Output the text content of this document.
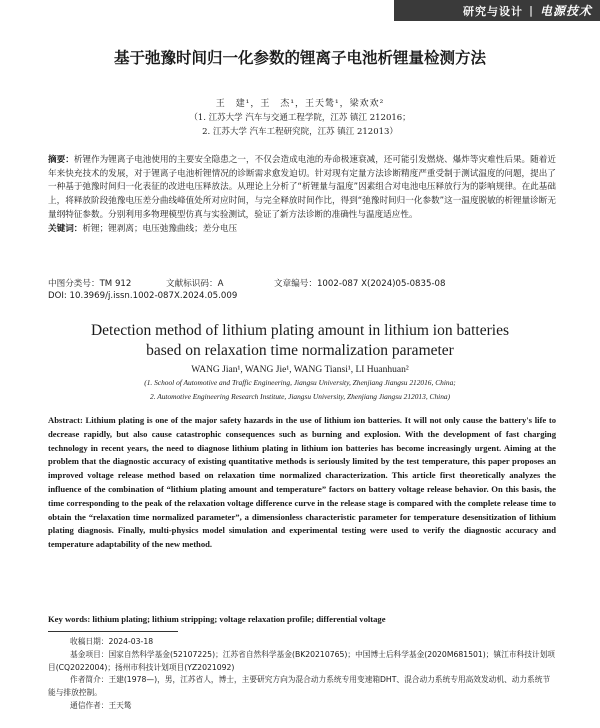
研究与设计 | 电源技术
基于弛豫时间归一化参数的锂离子电池析锂量检测方法
王　建¹，王　杰¹，王天鸶¹，梁欢欢²
（1. 江苏大学 汽车与交通工程学院，江苏 镇江 212016；
2. 江苏大学 汽车工程研究院，江苏 镇江 212013）

摘要：析锂作为锂离子电池使用的主要安全隐患之一，不仅会造成电池的寿命极速衰减，还可能引发燃烧、爆炸等灾难性后果。随着近年来快充技术的发展，对于锂离子电池析锂情况的诊断需求愈发迫切。针对现有定量方法诊断精度严重受制于测试温度的问题，提出了一种基于弛豫时间归一化表征的改进电压释放法。从理论上分析了“析锂量与温度”因素组合对电池电压释放行为的影响规律。在此基础上，将释放阶段弛豫电压差分曲线峰值处所对应时间，与完全释放时间作比，得到“弛豫时间归一化参数”这一温度脱敏的析锂量诊断无量纲特征参数。分别利用多物理模型仿真与实验测试，验证了新方法诊断的准确性与温度适应性。

关键词：析锂；锂剥离；电压弛豫曲线；差分电压

中图分类号：TM 912	文献标识码：A	文章编号：1002-087 X(2024)05-0835-08
DOI: 10.3969/j.issn.1002-087X.2024.05.009
Detection method of lithium plating amount in lithium ion batteries
based on relaxation time normalization parameter
WANG Jian¹, WANG Jie¹, WANG Tiansi¹, LI Huanhuan²
(1. School of Automotive and Traffic Engineering, Jiangsu University, Zhenjiang Jiangsu 212016, China;
2. Automotive Engineering Research Institute, Jiangsu University, Zhenjiang Jiangsu 212013, China)

Abstract: Lithium plating is one of the major safety hazards in the use of lithium ion batteries. It will not only cause the battery's life to decrease rapidly, but also cause catastrophic consequences such as burning and explosion. With the development of fast charging technology in recent years, the need to diagnose lithium plating in lithium ion batteries has become increasingly urgent. Aiming at the problem that the diagnostic accuracy of existing quantitative methods is seriously limited by the test temperature, this paper proposes an improved voltage release method based on relaxation time normalized characterization. This article first theoretically analyzes the influence of the combination of “lithium plating amount and temperature” factors on battery voltage release behavior. On this basis, the time corresponding to the peak of the relaxation voltage difference curve in the release stage is compared with the complete release time to obtain the “relaxation time normalized parameter”, a dimensionless characteristic parameter for temperature desensitization of lithium plating diagnosis. Finally, multi-physics model simulation and experimental testing were used to verify the diagnostic accuracy and temperature adaptability of the new method.

Key words: lithium plating; lithium stripping; voltage relaxation profile; differential voltage

收稿日期：2024-03-18

基金项目：国家自然科学基金(52107225)；江苏省自然科学基金(BK20210765)；中国博士后科学基金(2020M681501)；镇江市科技计划项目(CQ2022004)；扬州市科技计划项目(YZ2021092)

作者简介：王建(1978—)，男，江苏省人，博士，主要研究方向为混合动力系统专用变速箱DHT、混合动力系统专用高效发动机、动力系统节能与排放控制。

通信作者：王天鸶
